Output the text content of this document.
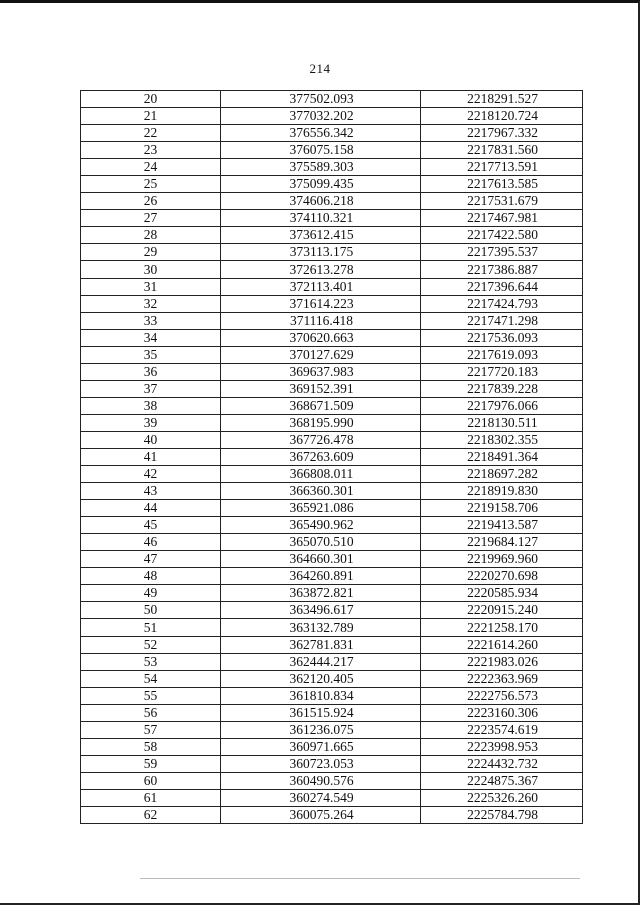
214
20	377502.093	2218291.527
21	377032.202	2218120.724
22	376556.342	2217967.332
23	376075.158	2217831.560
24	375589.303	2217713.591
25	375099.435	2217613.585
26	374606.218	2217531.679
27	374110.321	2217467.981
28	373612.415	2217422.580
29	373113.175	2217395.537
30	372613.278	2217386.887
31	372113.401	2217396.644
32	371614.223	2217424.793
33	371116.418	2217471.298
34	370620.663	2217536.093
35	370127.629	2217619.093
36	369637.983	2217720.183
37	369152.391	2217839.228
38	368671.509	2217976.066
39	368195.990	2218130.511
40	367726.478	2218302.355
41	367263.609	2218491.364
42	366808.011	2218697.282
43	366360.301	2218919.830
44	365921.086	2219158.706
45	365490.962	2219413.587
46	365070.510	2219684.127
47	364660.301	2219969.960
48	364260.891	2220270.698
49	363872.821	2220585.934
50	363496.617	2220915.240
51	363132.789	2221258.170
52	362781.831	2221614.260
53	362444.217	2221983.026
54	362120.405	2222363.969
55	361810.834	2222756.573
56	361515.924	2223160.306
57	361236.075	2223574.619
58	360971.665	2223998.953
59	360723.053	2224432.732
60	360490.576	2224875.367
61	360274.549	2225326.260
62	360075.264	2225784.798
